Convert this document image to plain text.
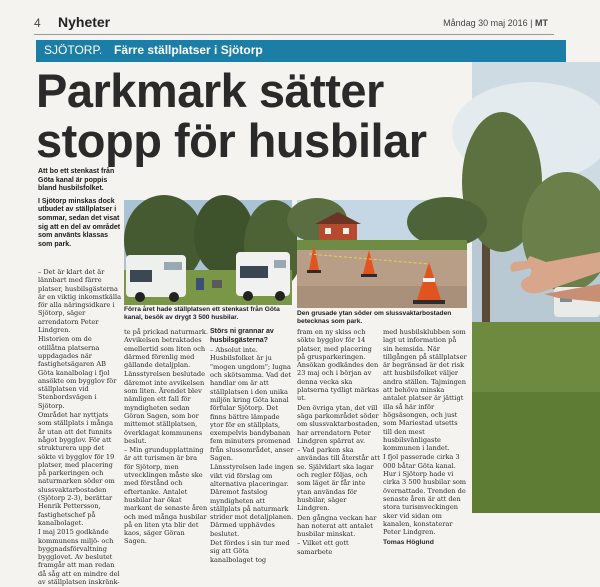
4 Nyheter	Måndag 30 maj 2016 | MT
SJÖTORP. Färre ställplatser i Sjötorp
Parkmark sätter stopp för husbilar

Att bo ett stenkast från Göta kanal är poppis bland husbilsfolket.

I Sjötorp minskas dock utbudet av ställplatser i sommar, sedan det visat sig att en del av området som använts klassas som park.

– Det är klart det är lännbart med färre platser, husbilsgästerna är en viktig inkomstkälla för alla näringsidkare i Sjötorp, säger arrendatorn Peter Lindgren.

Historien om de otillåtna platserna uppdagades när fastighetsägaren AB Göta kanalbolag i fjol ansökte om bygglov för ställplatsen vid Stenbordsvägen i Sjötorp.

Området har nyttjats som ställplats i många år utan att det funnits något bygglov. För att strukturera upp det sökte vi bygglov för 19 platser, med placering på parkeringen och naturmarken söder om slussvaktarbostaden (Sjötorp 2-3), berättar Henrik Pettersson, fastighetschef på kanalbolaget.

I maj 2015 godkände kommunens miljö- och byggnadsförvaltning bygglovet. Av beslutet framgår att man redan då såg att en mindre del av ställplatsen inskränk-

Förra året hade ställplatsen ett stenkast från Göta kanal, besök av drygt 3 500 husbilar.
Den grusade ytan söder om slussvaktarbostaden betecknas som park.

te på prickad naturmark. Avvikelsen betraktades emellertid som liten och därmed förenlig med gällande detaljplan.

Länsstyrelsen beslutade däremot inte avvikelsen som liten. Ärendet blev nämligen ett fall för myndigheten sedan Göran Sagen, som bor mittemot ställplatsen, överklagat kommunens beslut.

– Min grundupplattning är att turismen är bra för Sjötorp, men utvecklingen måste ske med förstånd och eftertanke. Antalet husbilar har ökat markant de senaste åren och med många husbilar på en liten yta blir det kaos, säger Göran Sagen.

Störs ni grannar av husbilsgästerna?

– Absolut inte. Husbilsfolket är ju "mogen ungdom"; lugna och skötsamma. Vad det handlar om är att ställplatsen i den unika miljön kring Göta kanal förfular Sjötorp. Det finns bättre lämpade ytor för en ställplats, exempelvis bandybanan fem minuters promenad från slussområdet, anser Sagen.

Länsstyrelsen lade ingen vikt vid förslag om alternativa placeringar. Däremot fastslog myndigheten att ställplats på naturmark strider mot detaljplanen. Därmed upphävdes beslutet.

Det fördes i sin tur med sig att Göta kanalbolaget tog

fram en ny skiss och sökte bygglov för 14 platser, med placering på grusparkeringen. Ansökan godkändes den 23 maj och i början av denna vecka ska platserna tydligt märkas ut.

Den övriga ytan, det vill säga parkområdet söder om slussvaktarbostaden, har arrendatorn Peter Lindgren spärrat av.

– Vad parken ska användas till återstår att se. Självklart ska lagar och regler följas, och som läget är får inte ytan användas för husbilar, säger Lindgren.

Den gångna veckan har han noterat att antalet husbilar minskat.

– Vilket ett gott samarbete

med husbilsklubben som lagt ut information på sin hemsida. När tillgången på ställplatser är begränsad är det risk att husbilsfolket väljer andra ställen. Tajmingen att behöva minska antalet platser är jättigt illa så här inför högsäsongen, och just som Mariestad utsetts till den mest husbilsvänligaste kommunen i landet.

I fjol passerade cirka 3 000 båtar Göta kanal. Hur i Sjötorp hade vi cirka 3 500 husbilar som övernattade. Trenden de senaste åren är att den stora turismveckingen sker vid sidan om kanalen, konstaterar Peter Lindgren.

Tomas Höglund
